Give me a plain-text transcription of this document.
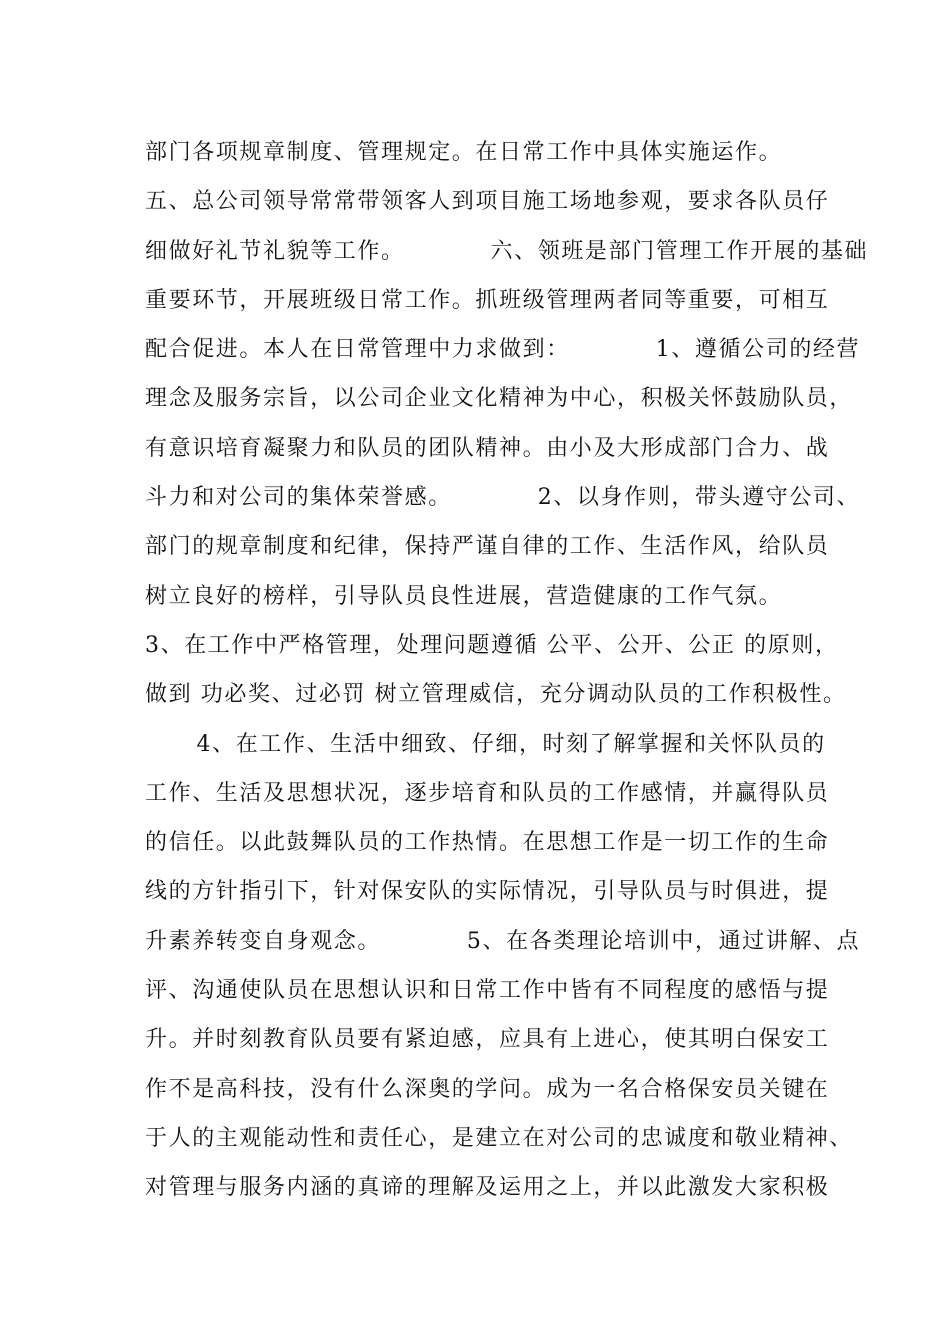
部门各项规章制度、管理规定。在日常工作中具体实施运作。
五、总公司领导常常带领客人到项目施工场地参观，要求各队员仔
细做好礼节礼貌等工作。          六、领班是部门管理工作开展的基础
重要环节，开展班级日常工作。抓班级管理两者同等重要，可相互
配合促进。本人在日常管理中力求做到：          1、遵循公司的经营
理念及服务宗旨，以公司企业文化精神为中心，积极关怀鼓励队员，
有意识培育凝聚力和队员的团队精神。由小及大形成部门合力、战
斗力和对公司的集体荣誉感。          2、以身作则，带头遵守公司、
部门的规章制度和纪律，保持严谨自律的工作、生活作风，给队员
树立良好的榜样，引导队员良性进展，营造健康的工作气氛。
3、在工作中严格管理，处理问题遵循 公平、公开、公正 的原则，
做到 功必奖、过必罚 树立管理威信，充分调动队员的工作积极性。
4、在工作、生活中细致、仔细，时刻了解掌握和关怀队员的
工作、生活及思想状况，逐步培育和队员的工作感情，并赢得队员
的信任。以此鼓舞队员的工作热情。在思想工作是一切工作的生命
线的方针指引下，针对保安队的实际情况，引导队员与时俱进，提
升素养转变自身观念。          5、在各类理论培训中，通过讲解、点
评、沟通使队员在思想认识和日常工作中皆有不同程度的感悟与提
升。并时刻教育队员要有紧迫感，应具有上进心，使其明白保安工
作不是高科技，没有什么深奥的学问。成为一名合格保安员关键在
于人的主观能动性和责任心，是建立在对公司的忠诚度和敬业精神、
对管理与服务内涵的真谛的理解及运用之上，并以此激发大家积极
